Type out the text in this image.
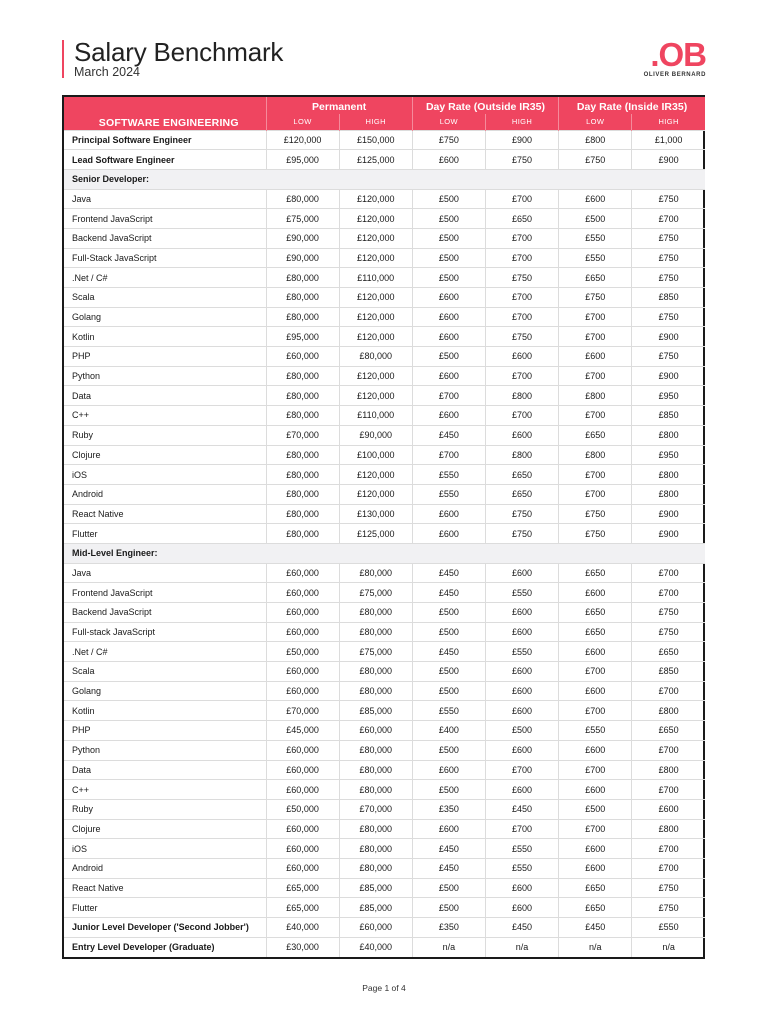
Salary Benchmark
March 2024	.OB
OLIVER BERNARD
SOFTWARE ENGINEERING	Permanent		Day Rate (Outside IR35)		Day Rate (Inside IR35)	
	LOW	HIGH	LOW	HIGH	LOW	HIGH
Principal Software Engineer	£120,000	£150,000	£750	£900	£800	£1,000
Lead Software Engineer	£95,000	£125,000	£600	£750	£750	£900
Senior Developer:						
Java	£80,000	£120,000	£500	£700	£600	£750
Frontend JavaScript	£75,000	£120,000	£500	£650	£500	£700
Backend JavaScript	£90,000	£120,000	£500	£700	£550	£750
Full-Stack JavaScript	£90,000	£120,000	£500	£700	£550	£750
.Net / C#	£80,000	£110,000	£500	£750	£650	£750
Scala	£80,000	£120,000	£600	£700	£750	£850
Golang	£80,000	£120,000	£600	£700	£700	£750
Kotlin	£95,000	£120,000	£600	£750	£700	£900
PHP	£60,000	£80,000	£500	£600	£600	£750
Python	£80,000	£120,000	£600	£700	£700	£900
Data	£80,000	£120,000	£700	£800	£800	£950
C++	£80,000	£110,000	£600	£700	£700	£850
Ruby	£70,000	£90,000	£450	£600	£650	£800
Clojure	£80,000	£100,000	£700	£800	£800	£950
iOS	£80,000	£120,000	£550	£650	£700	£800
Android	£80,000	£120,000	£550	£650	£700	£800
React Native	£80,000	£130,000	£600	£750	£750	£900
Flutter	£80,000	£125,000	£600	£750	£750	£900
Mid-Level Engineer:						
Java	£60,000	£80,000	£450	£600	£650	£700
Frontend JavaScript	£60,000	£75,000	£450	£550	£600	£700
Backend JavaScript	£60,000	£80,000	£500	£600	£650	£750
Full-stack JavaScript	£60,000	£80,000	£500	£600	£650	£750
.Net / C#	£50,000	£75,000	£450	£550	£600	£650
Scala	£60,000	£80,000	£500	£600	£700	£850
Golang	£60,000	£80,000	£500	£600	£600	£700
Kotlin	£70,000	£85,000	£550	£600	£700	£800
PHP	£45,000	£60,000	£400	£500	£550	£650
Python	£60,000	£80,000	£500	£600	£600	£700
Data	£60,000	£80,000	£600	£700	£700	£800
C++	£60,000	£80,000	£500	£600	£600	£700
Ruby	£50,000	£70,000	£350	£450	£500	£600
Clojure	£60,000	£80,000	£600	£700	£700	£800
iOS	£60,000	£80,000	£450	£550	£600	£700
Android	£60,000	£80,000	£450	£550	£600	£700
React Native	£65,000	£85,000	£500	£600	£650	£750
Flutter	£65,000	£85,000	£500	£600	£650	£750
Junior Level Developer ('Second Jobber')	£40,000	£60,000	£350	£450	£450	£550
Entry Level Developer (Graduate)	£30,000	£40,000	n/a	n/a	n/a	n/a
Page 1 of 4
